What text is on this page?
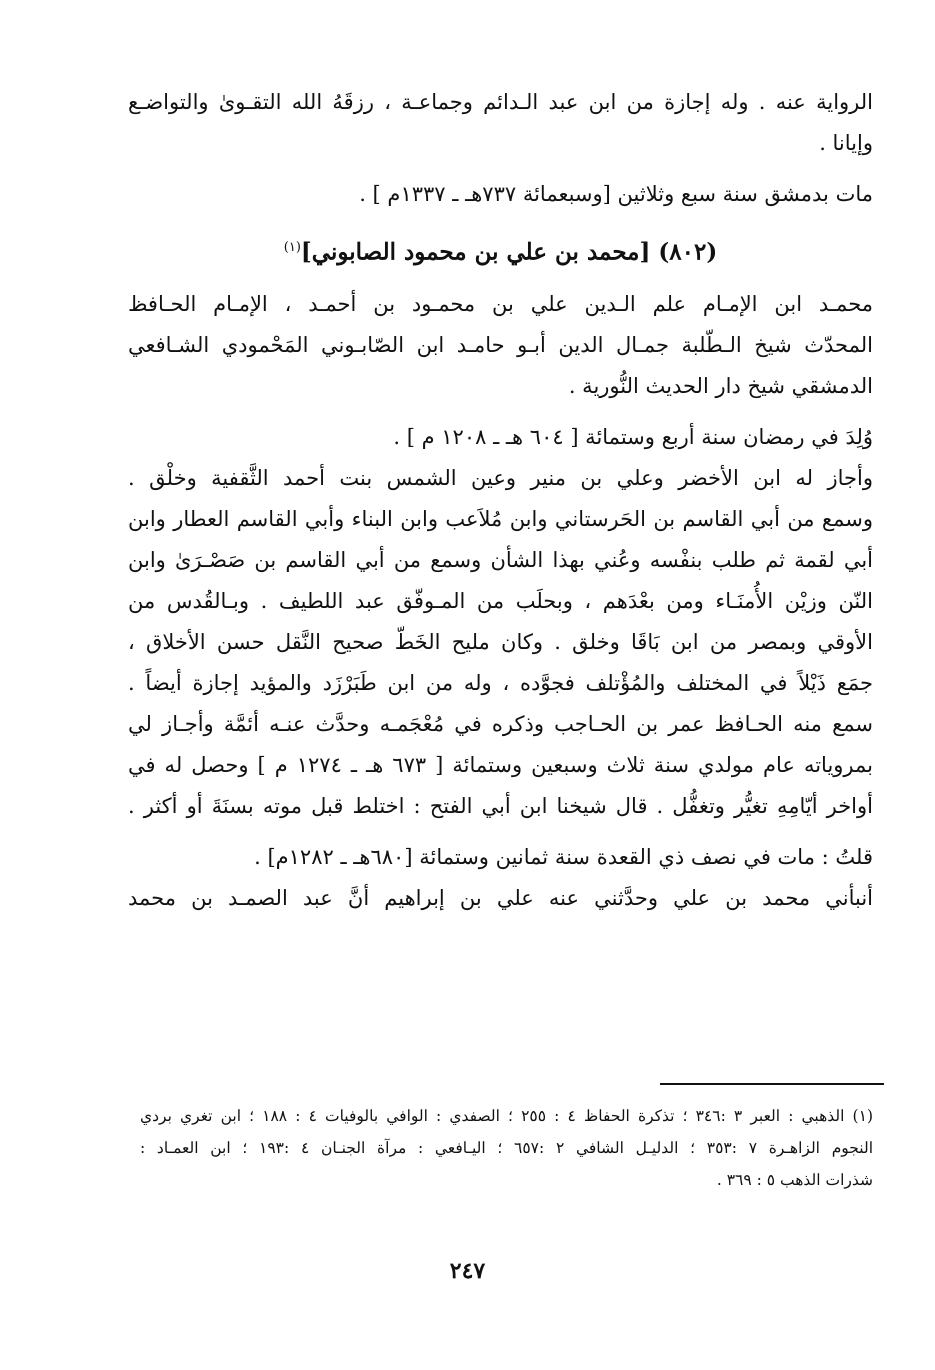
الرواية عنه . وله إجازة من ابن عبد الـدائم وجماعـة ، رزقَهُ الله التقـوىٰ والتواضـع
وإيانا .
مات بدمشق سنة سبع وثلاثين [وسبعمائة ٧٣٧هـ ـ ١٣٣٧م ] .
(٨٠٢) [محمد بن علي بن محمود الصابوني]$^{(١)}$
محمـد ابن الإمـام علم الـدين علي بن محمـود بن أحمـد ، الإمـام الحـافظ
المحدّث شيخ الـطّلبة جمـال الدين أبـو حامـد ابن الصّابـوني المَحْمودي الشـافعي
الدمشقي شيخ دار الحديث النُّورية .
وُلِدَ في رمضان سنة أربع وستمائة [ ٦٠٤ هـ ـ ١٢٠٨ م ] .
وأجاز له ابن الأخضر وعلي بن منير وعين الشمس بنت أحمد الثَّقفية وخلْق .
وسمع من أبي القاسم بن الحَرستاني وابن مُلاَعب وابن البناء وأبي القاسم العطار وابن
أبي لقمة ثم طلب بنفْسه وعُني بهذا الشأن وسمع من أبي القاسم بن صَصْـرَىٰ وابن
النّن وزيْن الأُمنَـاء ومن بعْدَهم ، وبحلَب من المـوفّق عبد اللطيف . وبـالقُدس من
الأوقي وبمصر من ابن بَاقَا وخلق . وكان مليح الخَطّ صحيح النَّقل حسن الأخلاق ،
جمَع ذَيْلاً في المختلف والمُؤْتلف فجوَّده ، وله من ابن طَبَرْزَد والمؤيد إجازة أيضاً .
سمع منه الحـافظ عمر بن الحـاجب وذكره في مُعْجَمـه وحدَّث عنـه أئمَّة وأجـاز لي
بمروياته عام مولدي سنة ثلاث وسبعين وستمائة [ ٦٧٣ هـ ـ ١٢٧٤ م ] وحصل له في
أواخر أيّامِهِ تغيُّر وتغفُّل . قال شيخنا ابن أبي الفتح : اختلط قبل موته بسنَةَ أو أكثر .
قلتُ : مات في نصف ذي القعدة سنة ثمانين وستمائة [٦٨٠هـ ـ ١٢٨٢م] .
أنبأني محمد بن علي وحدَّثني عنه علي بن إبراهيم أنَّ عبد الصمـد بن محمد
(١) الذهبي : العبر ٣ :٣٤٦ ؛ تذكرة الحفاظ ٤ : ٢٥٥ ؛ الصفدي : الوافي بالوفيات ٤ : ١٨٨ ؛ ابن تغري بردي
النجوم الزاهـرة ٧ :٣٥٣ ؛ الدليـل الشافي ٢ :٦٥٧ ؛ اليـافعي : مرآة الجنـان ٤ :١٩٣ ؛ ابن العمـاد :
شذرات الذهب ٥ : ٣٦٩ .
٢٤٧
